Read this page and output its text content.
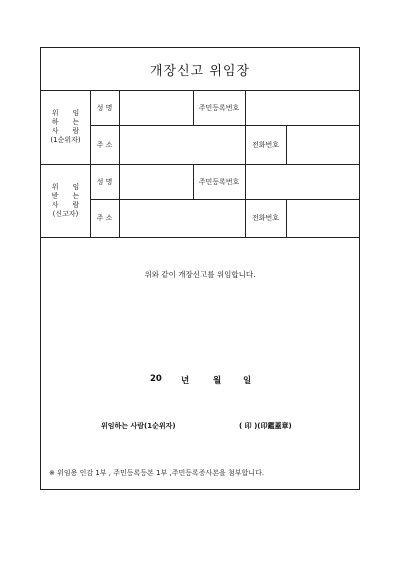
개장신고 위임장
위 임
하 는
사 람
(1순위자)
성 명	주민등록번호
주 소	전화번호
위 임
받 는
사 람
(신고자)
성 명	주민등록번호
주 소	전화번호
위와 같이 개장신고를 위임합니다.
20 년	월	일
위임하는 사람(1순위자)	( 印 )(印鑑蓋章)
※ 위임용 인감 1부 , 주민등록등본 1부 ,주민등록증사본을 첨부합니다.
